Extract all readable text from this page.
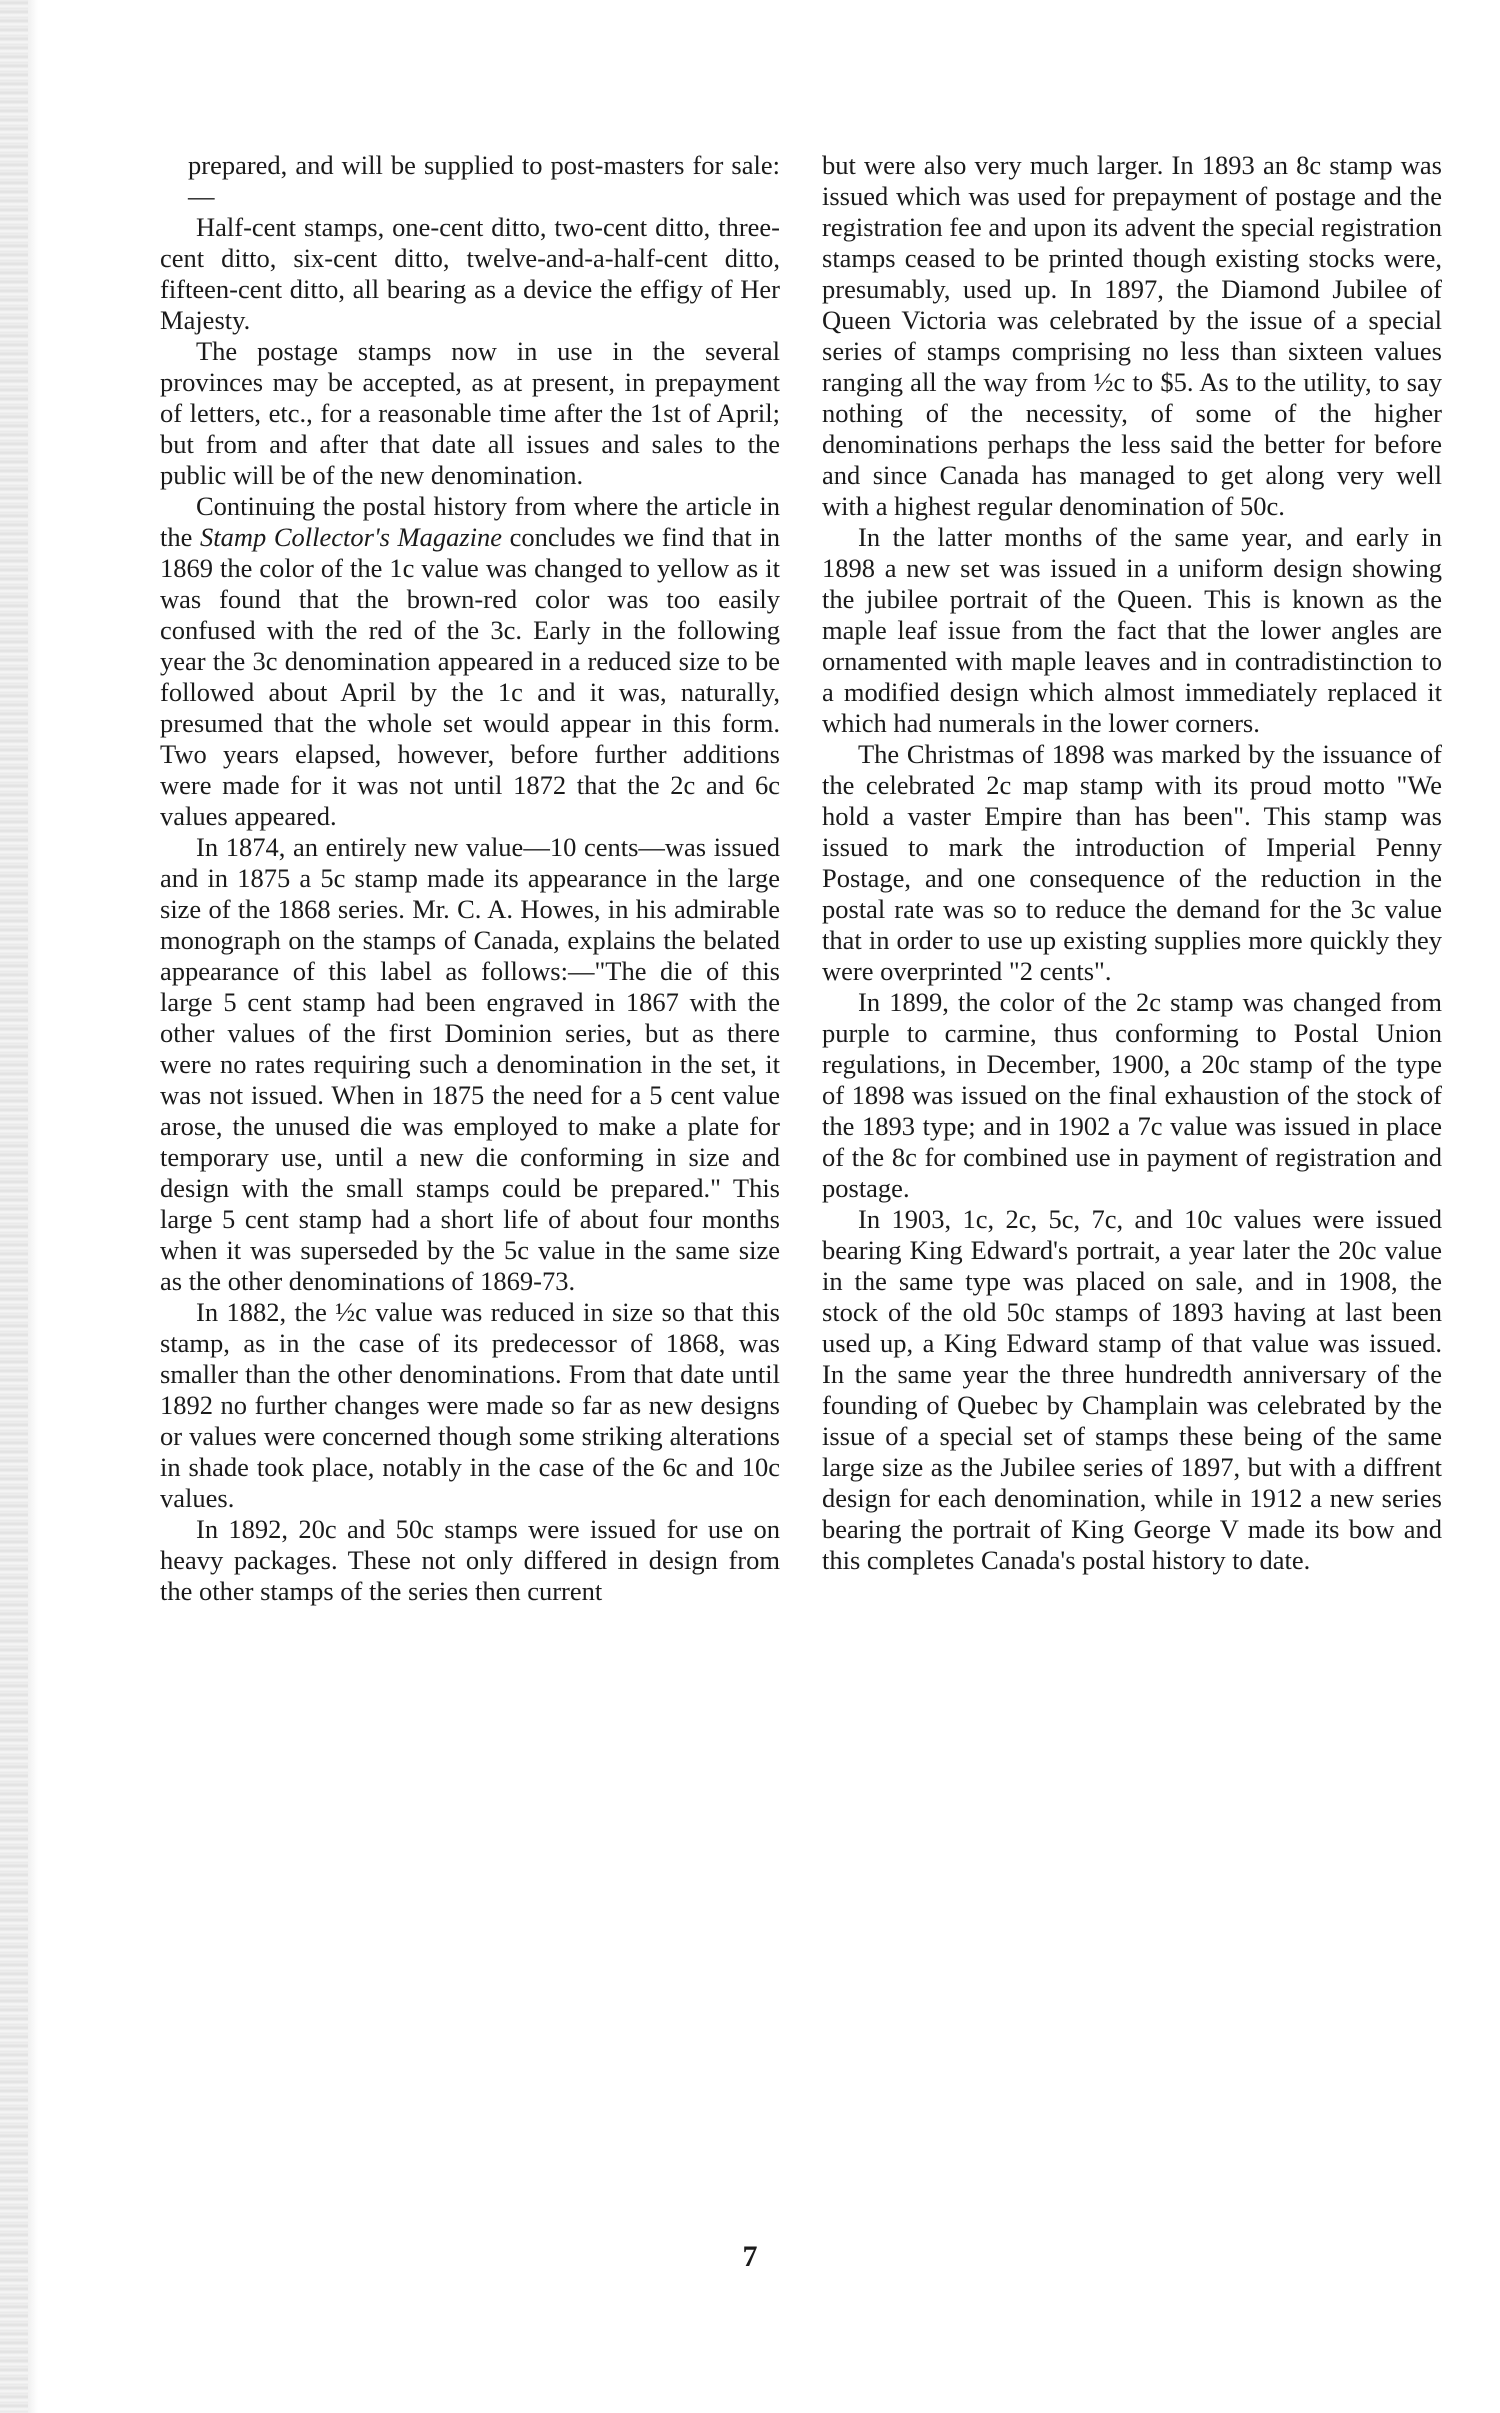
prepared, and will be supplied to post-masters for sale:—

Half-cent stamps, one-cent ditto, two-cent ditto, three-cent ditto, six-cent ditto, twelve-and-a-half-cent ditto, fifteen-cent ditto, all bearing as a device the effigy of Her Majesty.

The postage stamps now in use in the several provinces may be accepted, as at present, in prepayment of letters, etc., for a reasonable time after the 1st of April; but from and after that date all issues and sales to the public will be of the new denomination.

Continuing the postal history from where the article in the Stamp Collector's Magazine concludes we find that in 1869 the color of the 1c value was changed to yellow as it was found that the brown-red color was too easily confused with the red of the 3c. Early in the following year the 3c denomination appeared in a reduced size to be followed about April by the 1c and it was, naturally, presumed that the whole set would appear in this form. Two years elapsed, however, before further additions were made for it was not until 1872 that the 2c and 6c values appeared.

In 1874, an entirely new value—10 cents—was issued and in 1875 a 5c stamp made its appearance in the large size of the 1868 series. Mr. C. A. Howes, in his admirable monograph on the stamps of Canada, explains the belated appearance of this label as follows:—"The die of this large 5 cent stamp had been engraved in 1867 with the other values of the first Dominion series, but as there were no rates requiring such a denomination in the set, it was not issued. When in 1875 the need for a 5 cent value arose, the unused die was employed to make a plate for temporary use, until a new die conforming in size and design with the small stamps could be prepared." This large 5 cent stamp had a short life of about four months when it was superseded by the 5c value in the same size as the other denominations of 1869-73.

In 1882, the ½c value was reduced in size so that this stamp, as in the case of its predecessor of 1868, was smaller than the other denominations. From that date until 1892 no further changes were made so far as new designs or values were concerned though some striking alterations in shade took place, notably in the case of the 6c and 10c values.

In 1892, 20c and 50c stamps were issued for use on heavy packages. These not only differed in design from the other stamps of the series then current

but were also very much larger. In 1893 an 8c stamp was issued which was used for prepayment of postage and the registration fee and upon its advent the special registration stamps ceased to be printed though existing stocks were, presumably, used up. In 1897, the Diamond Jubilee of Queen Victoria was celebrated by the issue of a special series of stamps comprising no less than sixteen values ranging all the way from ½c to $5. As to the utility, to say nothing of the necessity, of some of the higher denominations perhaps the less said the better for before and since Canada has managed to get along very well with a highest regular denomination of 50c.

In the latter months of the same year, and early in 1898 a new set was issued in a uniform design showing the jubilee portrait of the Queen. This is known as the maple leaf issue from the fact that the lower angles are ornamented with maple leaves and in contradistinction to a modified design which almost immediately replaced it which had numerals in the lower corners.

The Christmas of 1898 was marked by the issuance of the celebrated 2c map stamp with its proud motto "We hold a vaster Empire than has been". This stamp was issued to mark the introduction of Imperial Penny Postage, and one consequence of the reduction in the postal rate was so to reduce the demand for the 3c value that in order to use up existing supplies more quickly they were overprinted "2 cents".

In 1899, the color of the 2c stamp was changed from purple to carmine, thus conforming to Postal Union regulations, in December, 1900, a 20c stamp of the type of 1898 was issued on the final exhaustion of the stock of the 1893 type; and in 1902 a 7c value was issued in place of the 8c for combined use in payment of registration and postage.

In 1903, 1c, 2c, 5c, 7c, and 10c values were issued bearing King Edward's portrait, a year later the 20c value in the same type was placed on sale, and in 1908, the stock of the old 50c stamps of 1893 having at last been used up, a King Edward stamp of that value was issued. In the same year the three hundredth anniversary of the founding of Quebec by Champlain was celebrated by the issue of a special set of stamps these being of the same large size as the Jubilee series of 1897, but with a diffrent design for each denomination, while in 1912 a new series bearing the portrait of King George V made its bow and this completes Canada's postal history to date.

7
